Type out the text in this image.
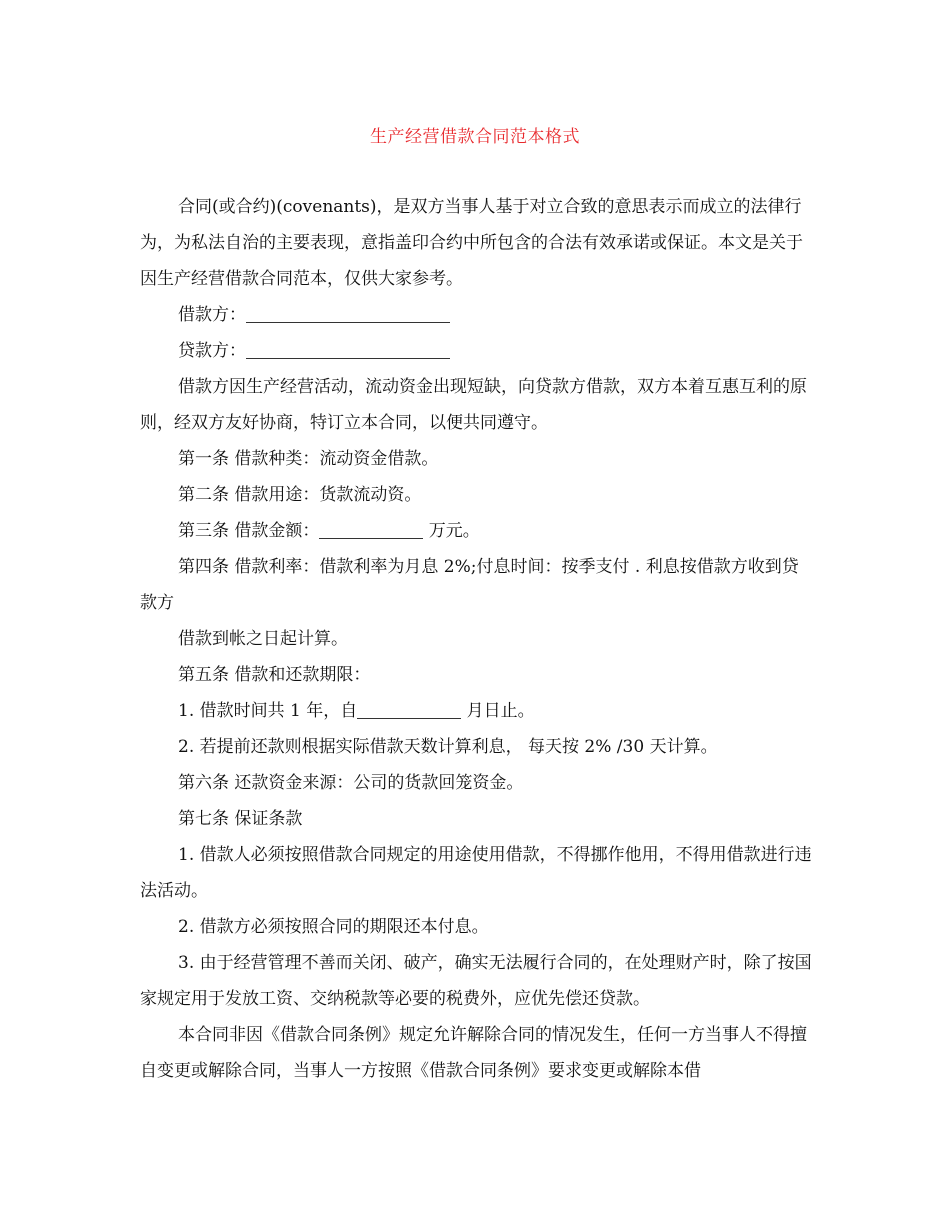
生产经营借款合同范本格式

合同(或合约)(covenants)，是双方当事人基于对立合致的意思表示而成立的法律行为，为私法自治的主要表现，意指盖印合约中所包含的合法有效承诺或保证。本文是关于因生产经营借款合同范本，仅供大家参考。

借款方：

贷款方：

借款方因生产经营活动，流动资金出现短缺，向贷款方借款，双方本着互惠互利的原则，经双方友好协商，特订立本合同，以便共同遵守。

第一条 借款种类：流动资金借款。

第二条 借款用途：货款流动资。

第三条 借款金额：	万元。

第四条 借款利率：借款利率为月息 2%;付息时间：按季支付 . 利息按借款方收到贷款方

借款到帐之日起计算。

第五条 借款和还款期限：

1. 借款时间共 1 年，自	月日止。

2. 若提前还款则根据实际借款天数计算利息， 每天按 2% /30 天计算。

第六条 还款资金来源：公司的货款回笼资金。

第七条 保证条款

1. 借款人必须按照借款合同规定的用途使用借款，不得挪作他用，不得用借款进行违法活动。

2. 借款方必须按照合同的期限还本付息。

3. 由于经营管理不善而关闭、破产，确实无法履行合同的，在处理财产时，除了按国家规定用于发放工资、交纳税款等必要的税费外，应优先偿还贷款。

本合同非因《借款合同条例》规定允许解除合同的情况发生，任何一方当事人不得擅自变更或解除合同，当事人一方按照《借款合同条例》要求变更或解除本借
